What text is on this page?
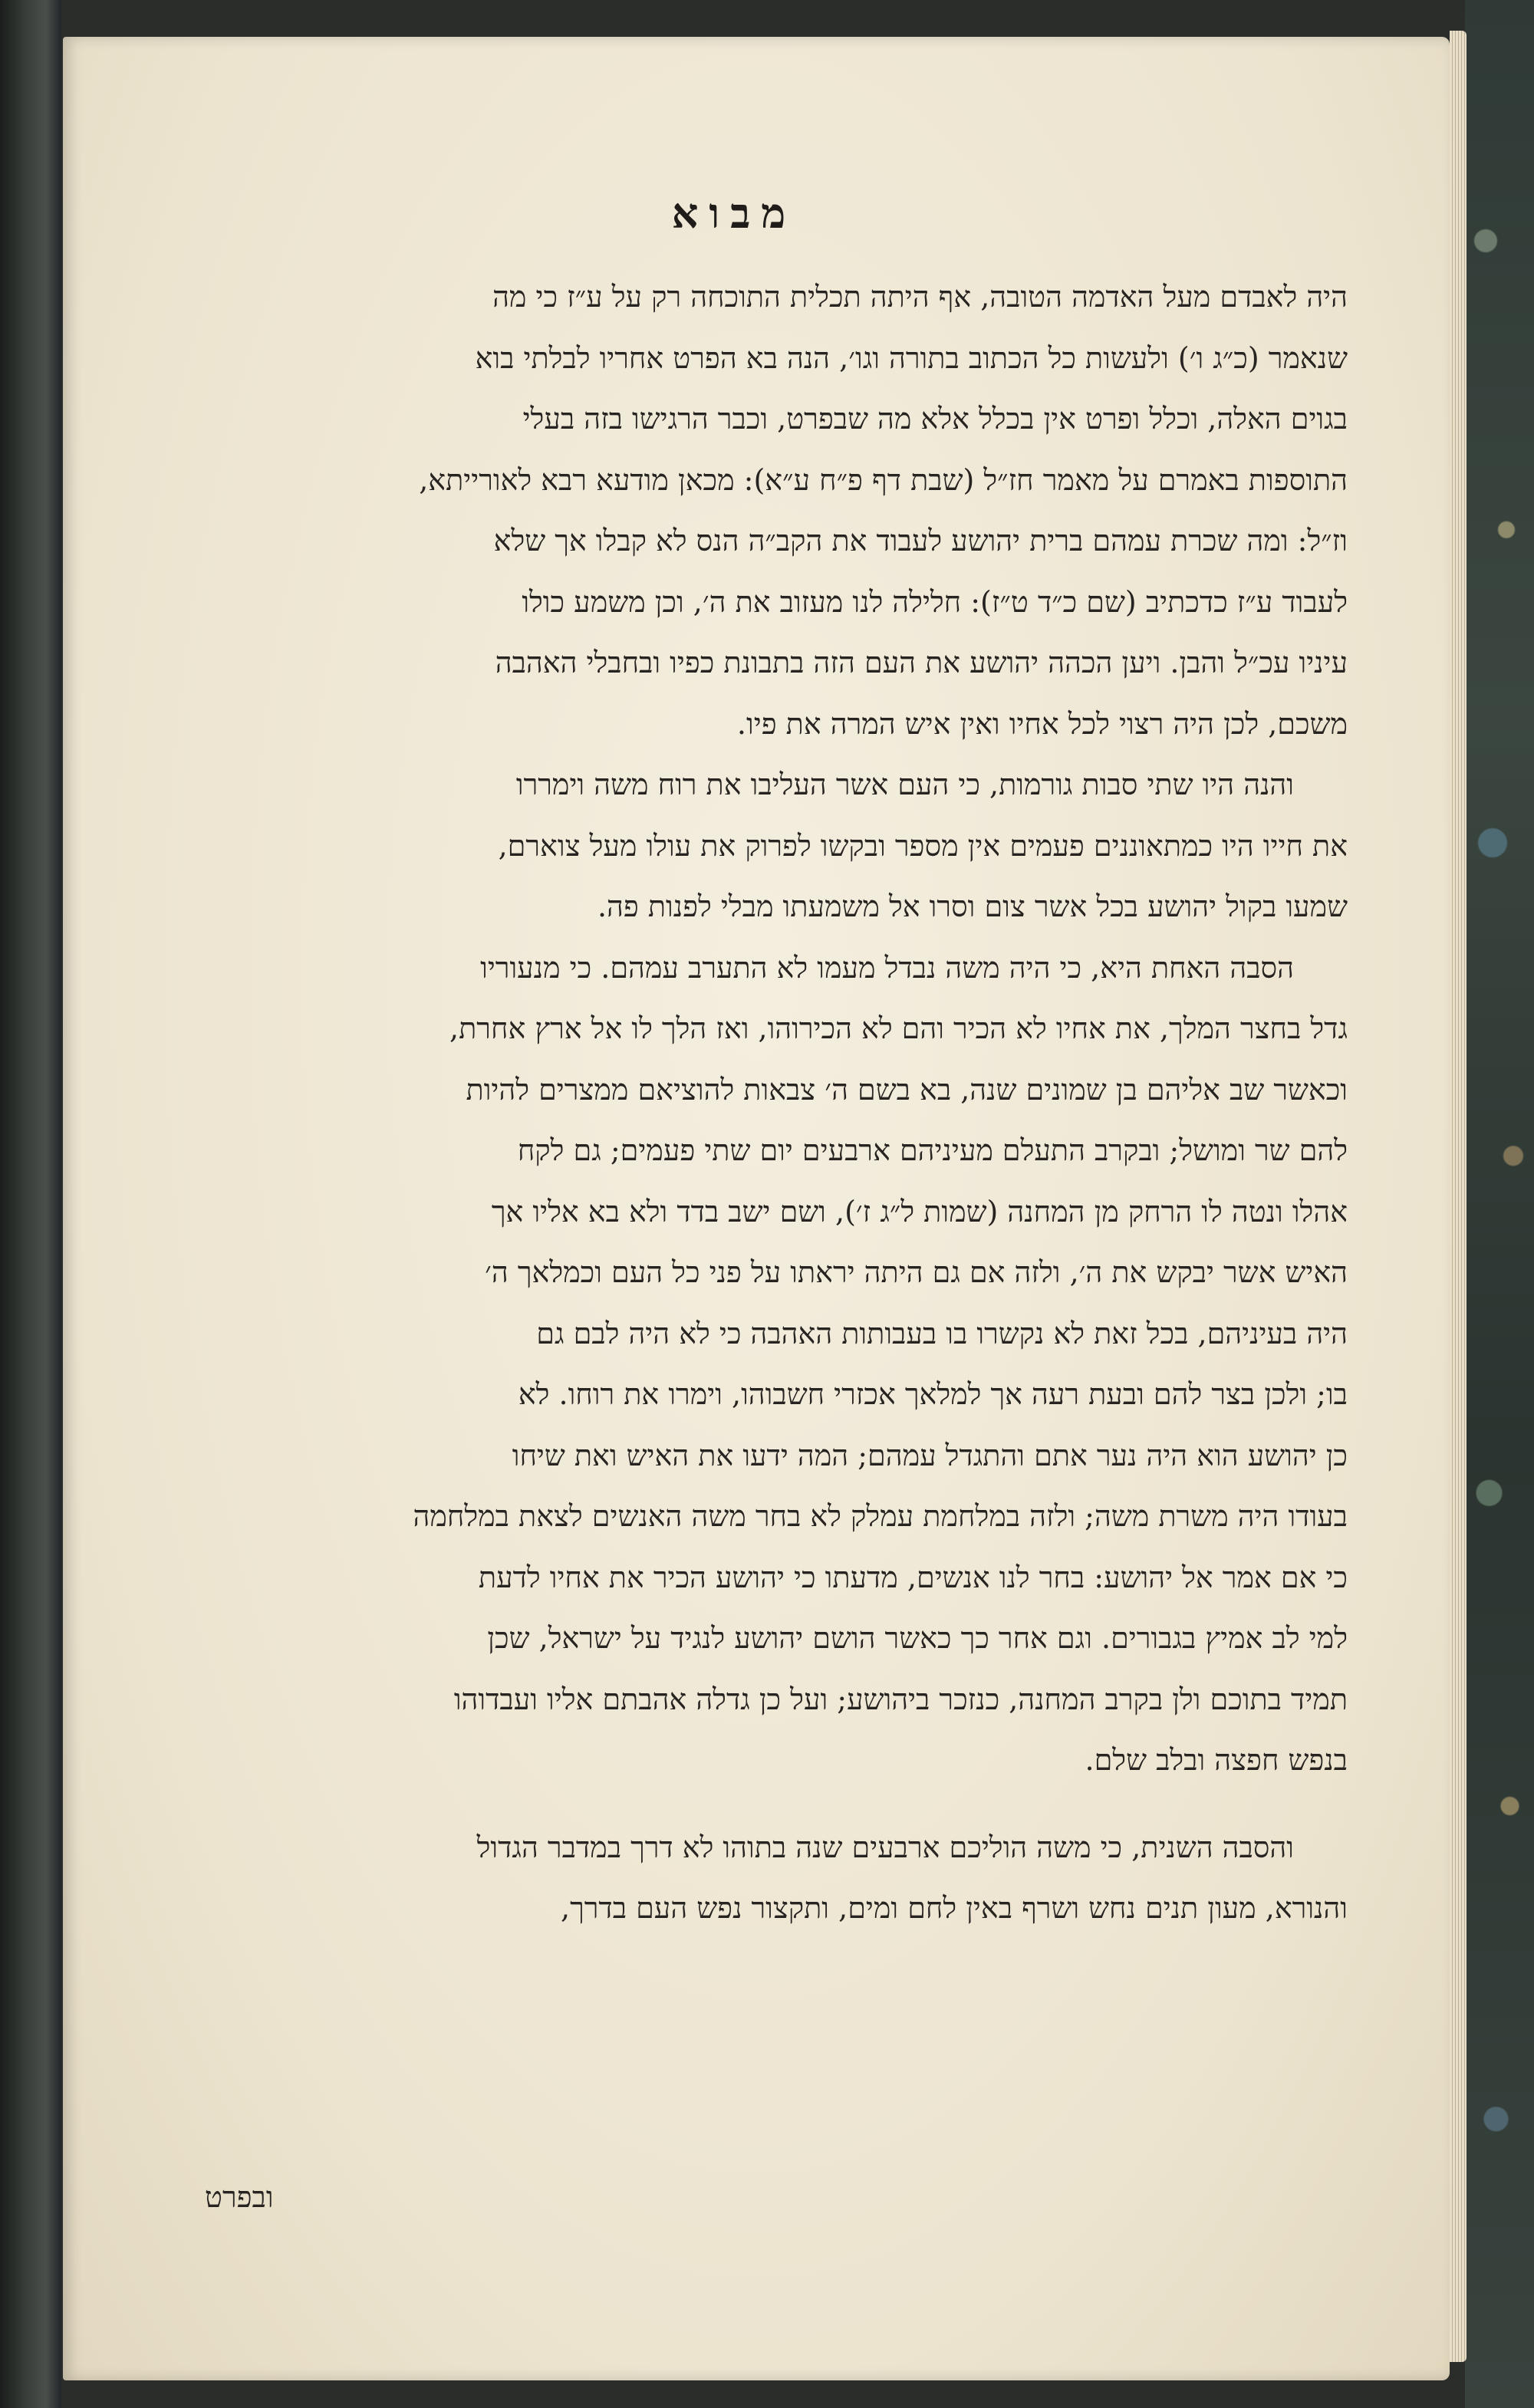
מבוא
היה לאבדם מעל האדמה הטובה, אף היתה תכלית התוכחה רק על ע״ז כי מה
שנאמר (כ״ג ו׳) ולעשות כל הכתוב בתורה וגו׳, הנה בא הפרט אחריו לבלתי בוא
בגוים האלה, וכלל ופרט אין בכלל אלא מה שבפרט, וכבר הרגישו בזה בעלי
התוספות באמרם על מאמר חז״ל (שבת דף פ״ח ע״א): מכאן מודעא רבא לאורייתא,
וז״ל: ומה שכרת עמהם ברית יהושע לעבוד את הקב״ה הנס לא קבלו אך שלא
לעבוד ע״ז כדכתיב (שם כ״ד ט״ז): חלילה לנו מעזוב את ה׳, וכן משמע כולו
עיניו עכ״ל והבן. ויען הכהה יהושע את העם הזה בתבונת כפיו ובחבלי האהבה
משכם, לכן היה רצוי לכל אחיו ואין איש המרה את פיו.
והנה היו שתי סבות גורמות, כי העם אשר העליבו את רוח משה וימררו
את חייו היו כמתאוננים פעמים אין מספר ובקשו לפרוק את עולו מעל צוארם,
שמעו בקול יהושע בכל אשר צום וסרו אל משמעתו מבלי לפנות פה.
הסבה האחת היא, כי היה משה נבדל מעמו לא התערב עמהם. כי מנעוריו
גדל בחצר המלך, את אחיו לא הכיר והם לא הכירוהו, ואז הלך לו אל ארץ אחרת,
וכאשר שב אליהם בן שמונים שנה, בא בשם ה׳ צבאות להוציאם ממצרים להיות
להם שר ומושל; ובקרב התעלם מעיניהם ארבעים יום שתי פעמים; גם לקח
אהלו ונטה לו הרחק מן המחנה (שמות ל״ג ז׳), ושם ישב בדד ולא בא אליו אך
האיש אשר יבקש את ה׳, ולזה אם גם היתה יראתו על פני כל העם וכמלאך ה׳
היה בעיניהם, בכל זאת לא נקשרו בו בעבותות האהבה כי לא היה לבם גם
בו; ולכן בצר להם ובעת רעה אך למלאך אכזרי חשבוהו, וימרו את רוחו. לא
כן יהושע הוא היה נער אתם והתגדל עמהם; המה ידעו את האיש ואת שיחו
בעודו היה משרת משה; ולזה במלחמת עמלק לא בחר משה האנשים לצאת במלחמה
כי אם אמר אל יהושע: בחר לנו אנשים, מדעתו כי יהושע הכיר את אחיו לדעת
למי לב אמיץ בגבורים. וגם אחר כך כאשר הושם יהושע לנגיד על ישראל, שכן
תמיד בתוכם ולן בקרב המחנה, כנזכר ביהושע; ועל כן גדלה אהבתם אליו ועבדוהו
בנפש חפצה ובלב שלם.
והסבה השנית, כי משה הוליכם ארבעים שנה בתוהו לא דרך במדבר הגדול
והנורא, מעון תנים נחש ושרף באין לחם ומים, ותקצור נפש העם בדרך,
ובפרט
